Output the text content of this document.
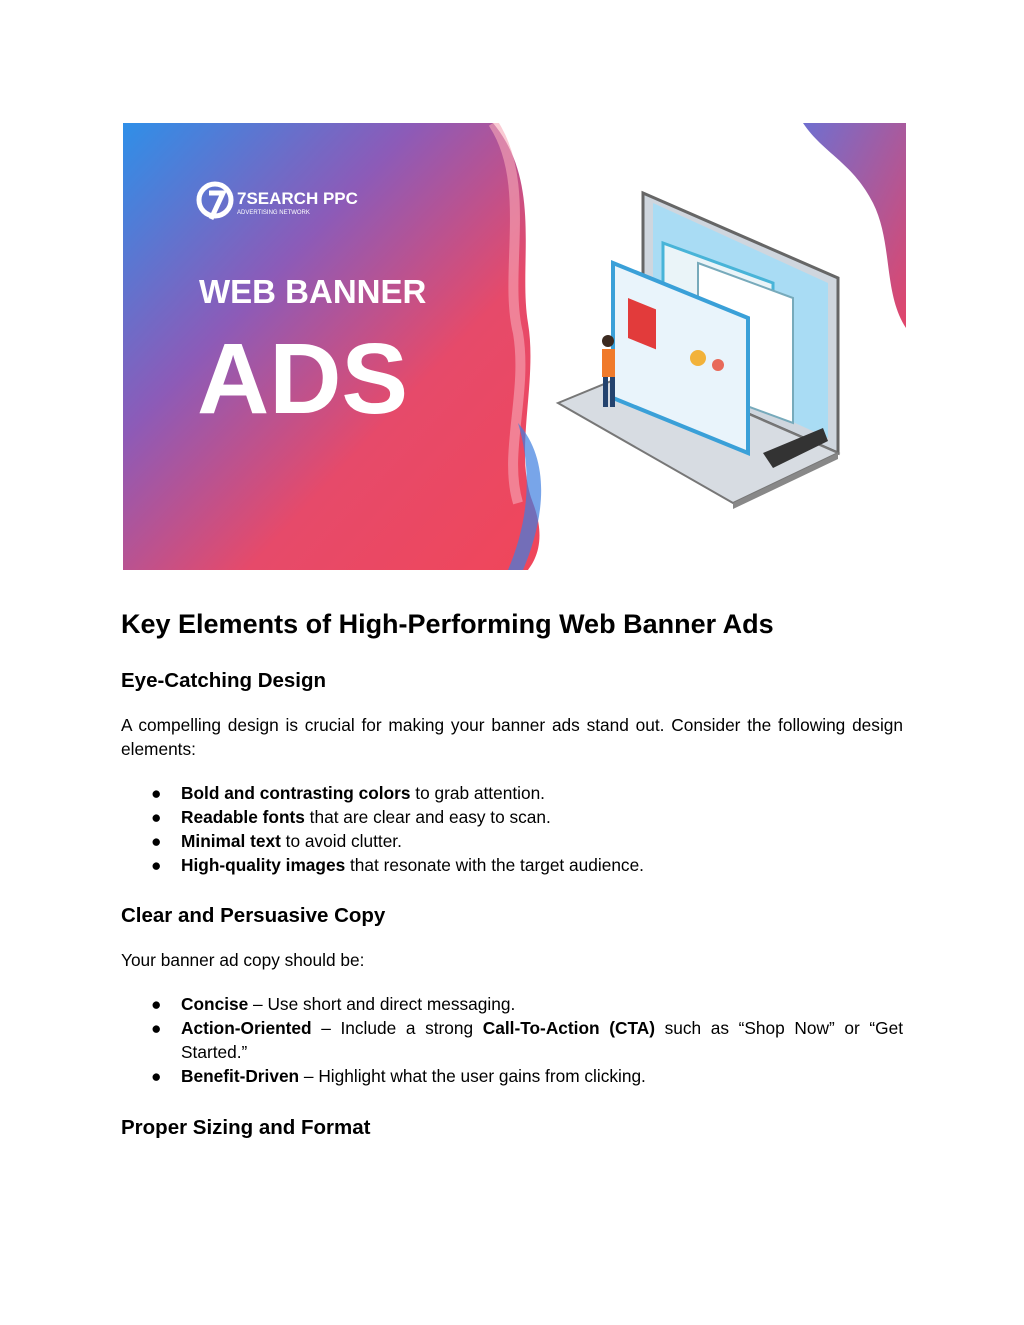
7SEARCH PPC
ADVERTISING NETWORK
WEB BANNER
ADS
Key Elements of High-Performing Web Banner Ads
Eye-Catching Design

A compelling design is crucial for making your banner ads stand out. Consider the following design elements:

● Bold and contrasting colors to grab attention.
● Readable fonts that are clear and easy to scan.
● Minimal text to avoid clutter.
● High-quality images that resonate with the target audience.
Clear and Persuasive Copy

Your banner ad copy should be:

● Concise – Use short and direct messaging.
● Action-Oriented – Include a strong Call-To-Action (CTA) such as “Shop Now” or “Get Started.”
● Benefit-Driven – Highlight what the user gains from clicking.
Proper Sizing and Format
